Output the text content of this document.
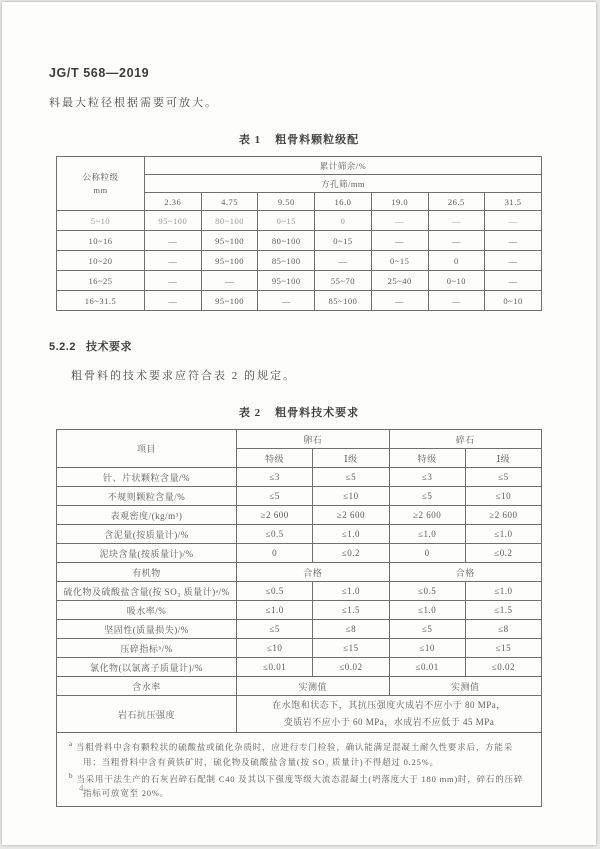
JG/T 568—2019
料最大粒径根据需要可放大。
表 1 粗骨料颗粒级配
公称粒级
mm	累计筛余/%						
	方孔筛/mm						
	2.36	4.75	9.50	16.0	19.0	26.5	31.5
5~10	95~100	80~100	0~15	0	—	—	—
10~16	—	95~100	80~100	0~15	—	—	—
10~20	—	95~100	85~100	—	0~15	0	—
16~25	—	—	95~100	55~70	25~40	0~10	—
16~31.5	—	95~100	—	85~100	—	—	0~10
5.2.2 技术要求
粗骨料的技术要求应符合表 2 的规定。
表 2 粗骨料技术要求
项目	卵石		碎石	
	特级	Ⅰ级	特级	Ⅰ级
针、片状颗粒含量/%	≤3	≤5	≤3	≤5
不规则颗粒含量/%	≤5	≤10	≤5	≤10
表观密度/(kg/m³)	≥2 600	≥2 600	≥2 600	≥2 600
含泥量(按质量计)/%	≤0.5	≤1.0	≤1.0	≤1.0
泥块含量(按质量计)/%	0	≤0.2	0	≤0.2
有机物	合格		合格	
硫化物及硫酸盐含量(按 SO₃ 质量计)ᵃ/%	≤0.5	≤1.0	≤0.5	≤1.0
吸水率/%	≤1.0	≤1.5	≤1.0	≤1.5
坚固性(质量损失)/%	≤5	≤8	≤5	≤8
压碎指标ᵇ/%	≤10	≤15	≤10	≤15
氯化物(以氯离子质量计)/%	≤0.01	≤0.02	≤0.01	≤0.02
含水率	实测值		实测值	
岩石抗压强度	在水饱和状态下，其抗压强度火成岩不应小于 80 MPa，
变质岩不应小于 60 MPa，水成岩不应低于 45 MPa			

$^a$ 当粗骨料中含有颗粒状的硫酸盐或硫化杂质时，应进行专门检验，确认能满足混凝土耐久性要求后，方能采用；当粗骨料中含有黄铁矿时，硫化物及硫酸盐含量(按 SO₃ 质量计)不得超过 0.25%。
$^b$ 当采用干法生产的石灰岩碎石配制 C40 及其以下强度等级大流态混凝土(坍落度大于 180 mm)时，碎石的压碎指标可放宽至 20%。				
4
